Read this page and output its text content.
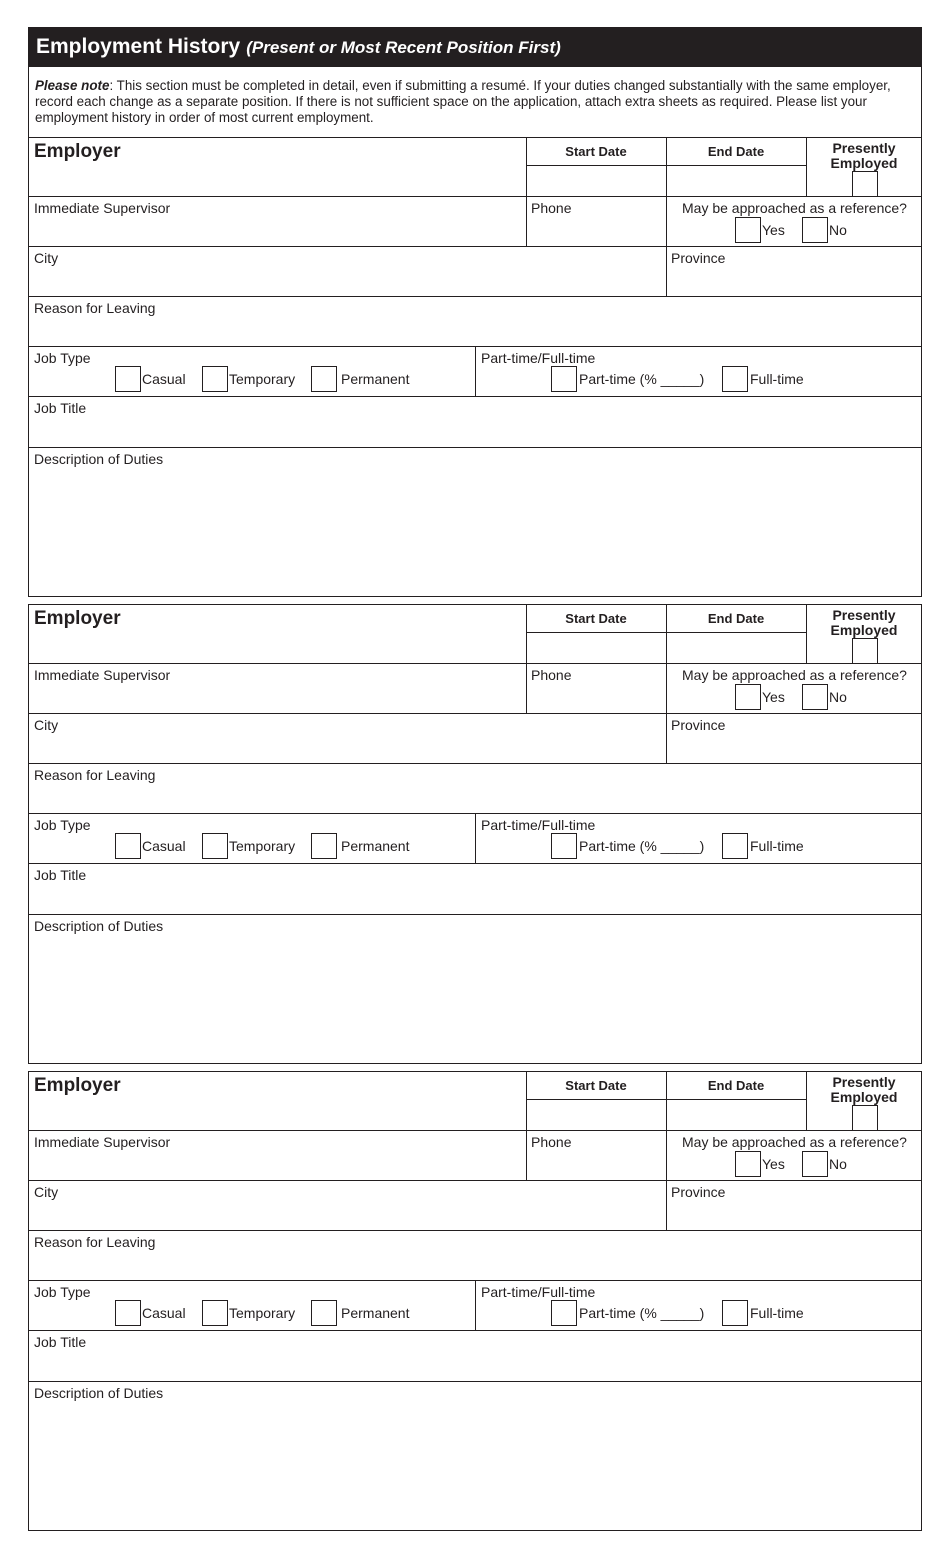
Employment History (Present or Most Recent Position First)
Please note: This section must be completed in detail, even if submitting a resumé. If your duties changed substantially with the same employer, record each change as a separate position. If there is not sufficient space on the application, attach extra sheets as required. Please list your employment history in order of most current employment.
Employer	Start Date	End Date	Presently Employed
Immediate Supervisor	Phone	May be approached as a reference?
Yes	No
City	Province
Reason for Leaving
Job Type
Casual	Temporary	Permanent
Part-time/Full-time
Part-time (% _____)	Full-time
Job Title
Description of Duties
Employer	Start Date	End Date	Presently Employed
Immediate Supervisor	Phone	May be approached as a reference?
Yes	No
City	Province
Reason for Leaving
Job Type
Casual	Temporary	Permanent
Part-time/Full-time
Part-time (% _____)	Full-time
Job Title
Description of Duties
Employer	Start Date	End Date	Presently Employed
Immediate Supervisor	Phone	May be approached as a reference?
Yes	No
City	Province
Reason for Leaving
Job Type
Casual	Temporary	Permanent
Part-time/Full-time
Part-time (% _____)	Full-time
Job Title
Description of Duties
